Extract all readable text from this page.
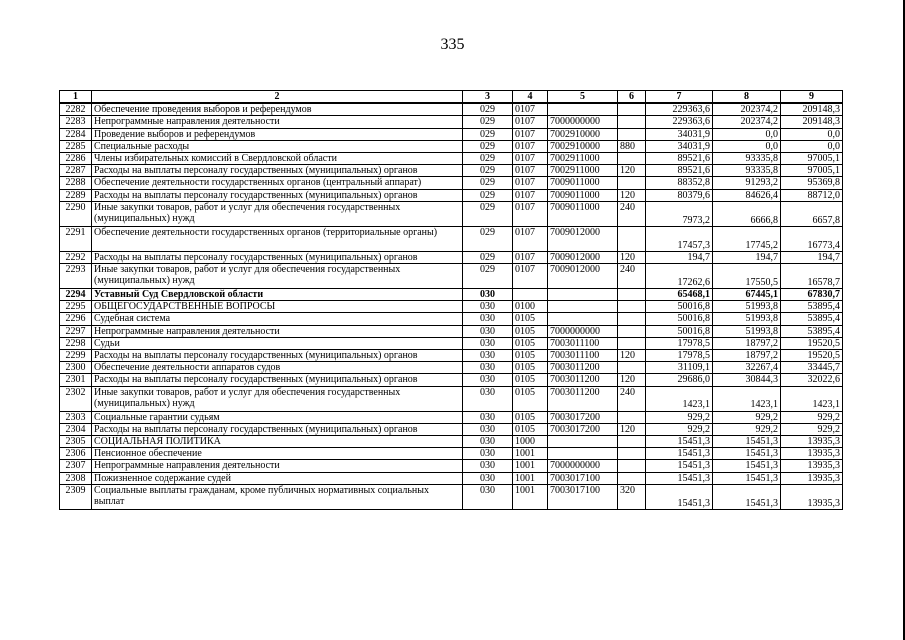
335
1	2	3	4	5	6	7	8	9
2282	Обеспечение проведения выборов и референдумов	029	0107			229363,6	202374,2	209148,3
2283	Непрограммные направления деятельности	029	0107	7000000000		229363,6	202374,2	209148,3
2284	Проведение выборов и референдумов	029	0107	7002910000		34031,9	0,0	0,0
2285	Специальные расходы	029	0107	7002910000	880	34031,9	0,0	0,0
2286	Члены избирательных комиссий в Свердловской области	029	0107	7002911000		89521,6	93335,8	97005,1
2287	Расходы на выплаты персоналу государственных (муниципальных) органов	029	0107	7002911000	120	89521,6	93335,8	97005,1
2288	Обеспечение деятельности государственных органов (центральный аппарат)	029	0107	7009011000		88352,8	91293,2	95369,8
2289	Расходы на выплаты персоналу государственных (муниципальных) органов	029	0107	7009011000	120	80379,6	84626,4	88712,0
2290	Иные закупки товаров, работ и услуг для обеспечения государственных (муниципальных) нужд	029	0107	7009011000	240	7973,2	6666,8	6657,8
2291	Обеспечение деятельности государственных органов (территориальные органы)	029	0107	7009012000		17457,3	17745,2	16773,4
2292	Расходы на выплаты персоналу государственных (муниципальных) органов	029	0107	7009012000	120	194,7	194,7	194,7
2293	Иные закупки товаров, работ и услуг для обеспечения государственных (муниципальных) нужд	029	0107	7009012000	240	17262,6	17550,5	16578,7
2294	Уставный Суд Свердловской области	030				65468,1	67445,1	67830,7
2295	ОБЩЕГОСУДАРСТВЕННЫЕ ВОПРОСЫ	030	0100			50016,8	51993,8	53895,4
2296	Судебная система	030	0105			50016,8	51993,8	53895,4
2297	Непрограммные направления деятельности	030	0105	7000000000		50016,8	51993,8	53895,4
2298	Судьи	030	0105	7003011100		17978,5	18797,2	19520,5
2299	Расходы на выплаты персоналу государственных (муниципальных) органов	030	0105	7003011100	120	17978,5	18797,2	19520,5
2300	Обеспечение деятельности аппаратов судов	030	0105	7003011200		31109,1	32267,4	33445,7
2301	Расходы на выплаты персоналу государственных (муниципальных) органов	030	0105	7003011200	120	29686,0	30844,3	32022,6
2302	Иные закупки товаров, работ и услуг для обеспечения государственных (муниципальных) нужд	030	0105	7003011200	240	1423,1	1423,1	1423,1
2303	Социальные гарантии судьям	030	0105	7003017200		929,2	929,2	929,2
2304	Расходы на выплаты персоналу государственных (муниципальных) органов	030	0105	7003017200	120	929,2	929,2	929,2
2305	СОЦИАЛЬНАЯ ПОЛИТИКА	030	1000			15451,3	15451,3	13935,3
2306	Пенсионное обеспечение	030	1001			15451,3	15451,3	13935,3
2307	Непрограммные направления деятельности	030	1001	7000000000		15451,3	15451,3	13935,3
2308	Пожизненное содержание судей	030	1001	7003017100		15451,3	15451,3	13935,3
2309	Социальные выплаты гражданам, кроме публичных нормативных социальных выплат	030	1001	7003017100	320	15451,3	15451,3	13935,3
